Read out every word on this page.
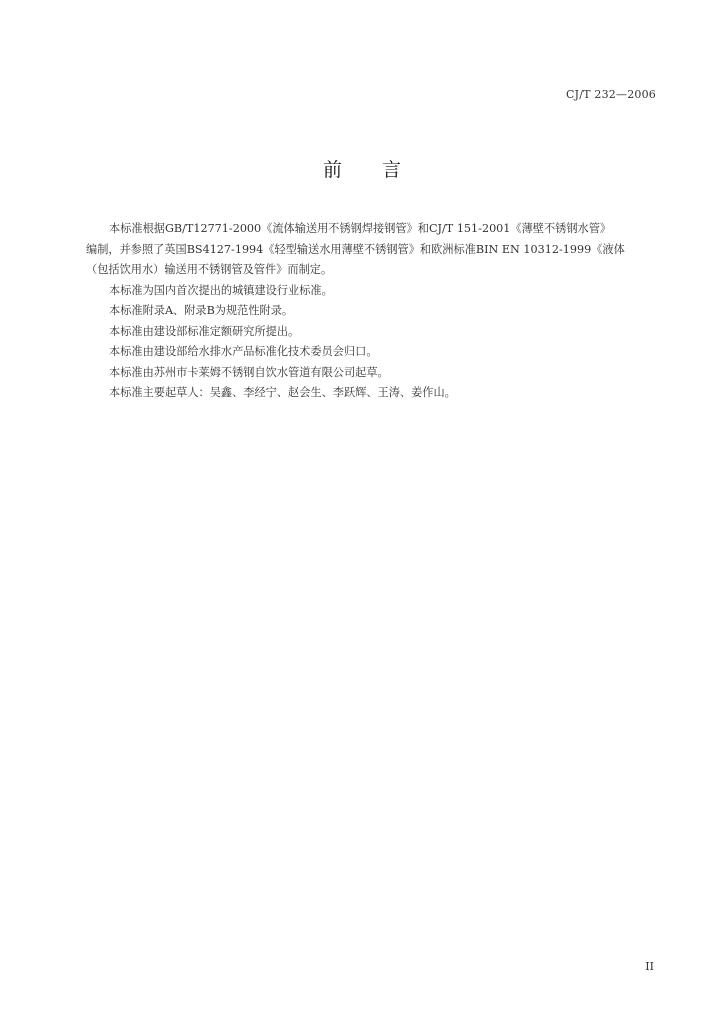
CJ/T 232—2006
前 言

本标准根据GB/T12771-2000《流体输送用不锈钢焊接钢管》和CJ/T 151-2001《薄壁不锈钢水管》

编制，并参照了英国BS4127-1994《轻型输送水用薄壁不锈钢管》和欧洲标准BIN EN 10312-1999《液体

（包括饮用水）输送用不锈钢管及管件》而制定。

本标准为国内首次提出的城镇建设行业标准。

本标准附录A、附录B为规范性附录。

本标准由建设部标准定额研究所提出。

本标准由建设部给水排水产品标准化技术委员会归口。

本标准由苏州市卡莱姆不锈钢自饮水管道有限公司起草。

本标准主要起草人：吴鑫、李经宁、赵会生、李跃辉、王涛、姜作山。

II
